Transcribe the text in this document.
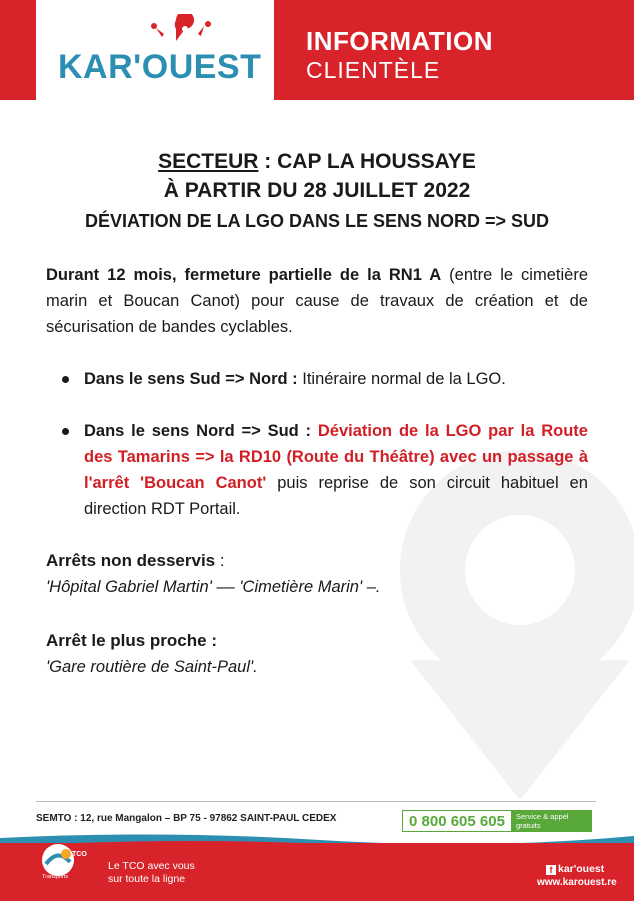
KAR'OUEST
INFORMATION
CLIENTÈLE
SECTEUR : CAP LA HOUSSAYE
À PARTIR DU 28 JUILLET 2022
DÉVIATION DE LA LGO DANS LE SENS NORD => SUD

Durant 12 mois, fermeture partielle de la RN1 A (entre le cimetière marin et Boucan Canot) pour cause de travaux de création et de sécurisation de bandes cyclables.

Dans le sens Sud => Nord : Itinéraire normal de la LGO.
Dans le sens Nord => Sud : Déviation de la LGO par la Route des Tamarins => la RD10 (Route du Théâtre) avec un passage à l'arrêt 'Boucan Canot' puis reprise de son circuit habituel en direction RDT Portail.
Arrêts non desservis :
'Hôpital Gabriel Martin' –– 'Cimetière Marin' –.
Arrêt le plus proche :
'Gare routière de Saint-Paul'.
SEMTO : 12, rue Mangalon – BP 75 - 97862 SAINT-PAUL CEDEX	0 800 605 605 Service & appel
gratuits
TCO
Transports
Le TCO avec vous
sur toute la ligne
f kar'ouest
www.karouest.re
